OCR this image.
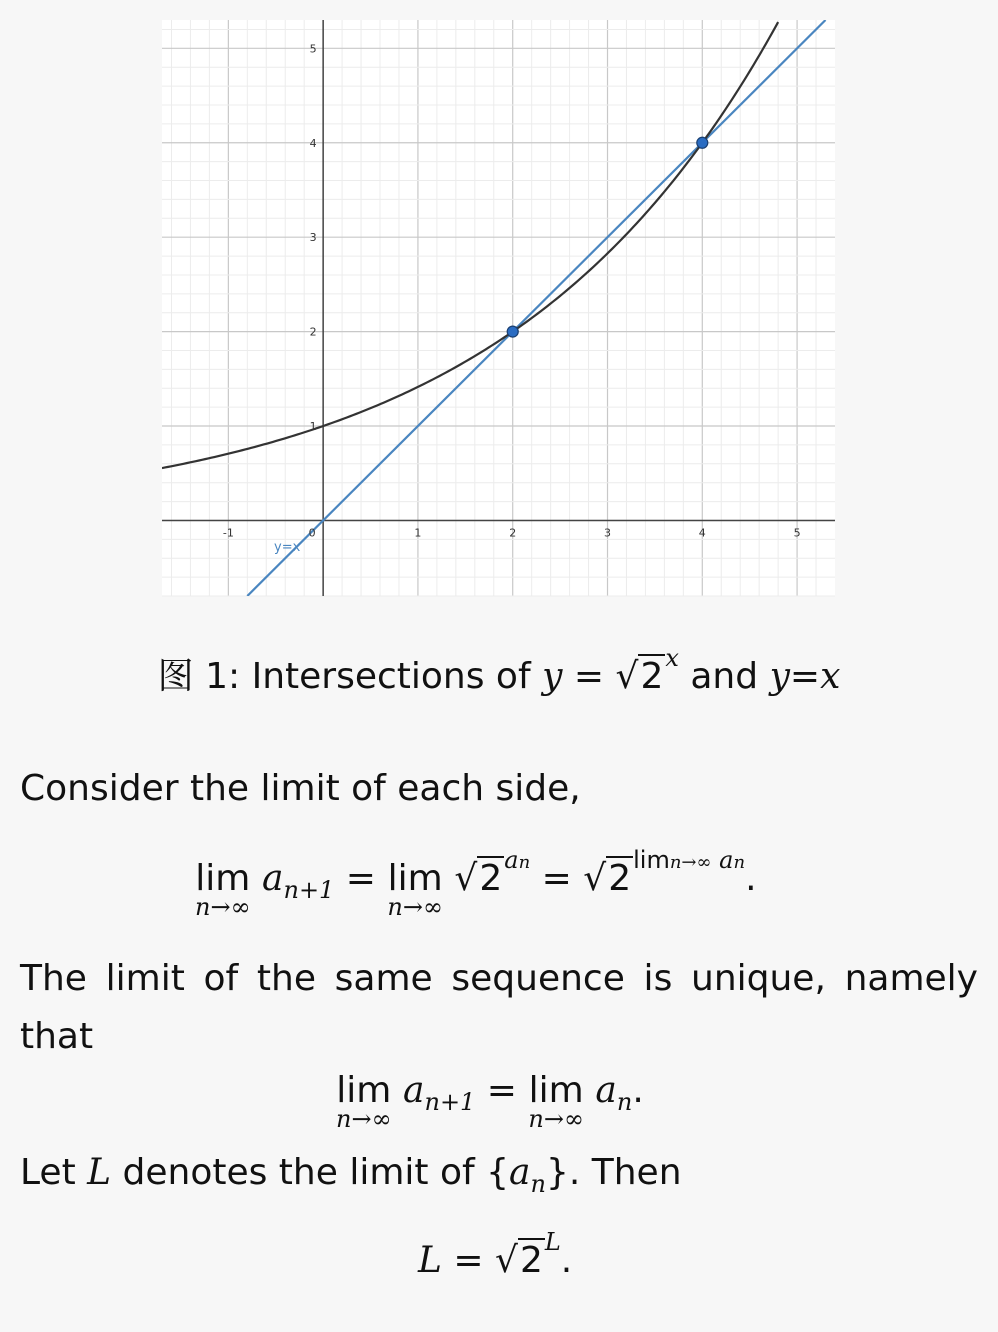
-1	0	1	2	3	4	5
1
2
3
4
5
y=x
图 1: Intersections of $y = √2^x$ and y=x
Consider the limit of each side,
lim
n→∞
$a_{n+1} = \lim$
n→∞
$√2^{an} = √2^{limn\to\infty an}$.
The limit of the same sequence is unique, namely that
lim
n→∞
$a_{n+1} = \lim$
n→∞
$a_n$.
Let L denotes the limit of $\{a_n\}$. Then
$L = √2^L$.
